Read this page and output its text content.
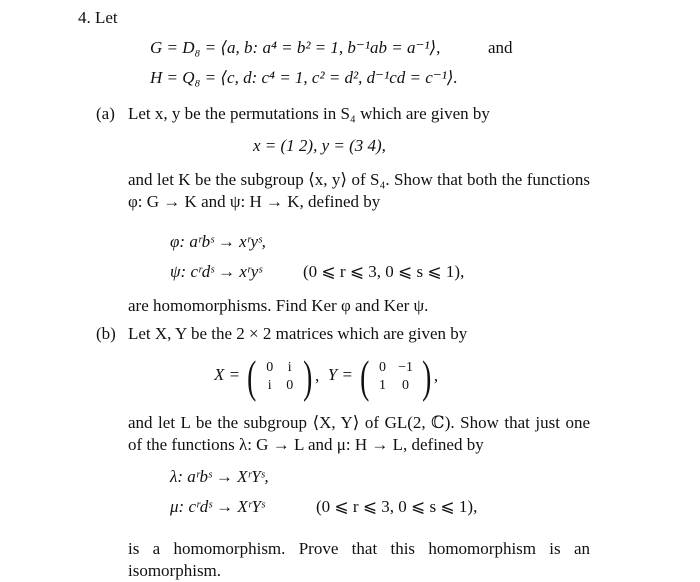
4. Let
G = D₈ = ⟨a, b: a⁴ = b² = 1, b⁻¹ab = a⁻¹⟩,	and
H = Q₈ = ⟨c, d: c⁴ = 1, c² = d², d⁻¹cd = c⁻¹⟩.
(a) Let x, y be the permutations in S₄ which are given by
x = (1 2), y = (3 4),
and let K be the subgroup ⟨x, y⟩ of S₄. Show that both the functions φ: G → K and ψ: H → K, defined by
φ: aʳbˢ → xʳyˢ,
ψ: cʳdˢ → xʳyˢ (0 ⩽ r ⩽ 3, 0 ⩽ s ⩽ 1),
are homomorphisms. Find Ker φ and Ker ψ.
(b) Let X, Y be the 2 × 2 matrices which are given by
X = ( 0	i
i	0 ) ,  Y = ( 0 −1
1	0 ) ,
and let L be the subgroup ⟨X, Y⟩ of GL(2, ℂ). Show that just one of the functions λ: G → L and μ: H → L, defined by
λ: aʳbˢ → XʳYˢ,
μ: cʳdˢ → XʳYˢ	(0 ⩽ r ⩽ 3, 0 ⩽ s ⩽ 1),
is a homomorphism. Prove that this homomorphism is an isomorphism.
